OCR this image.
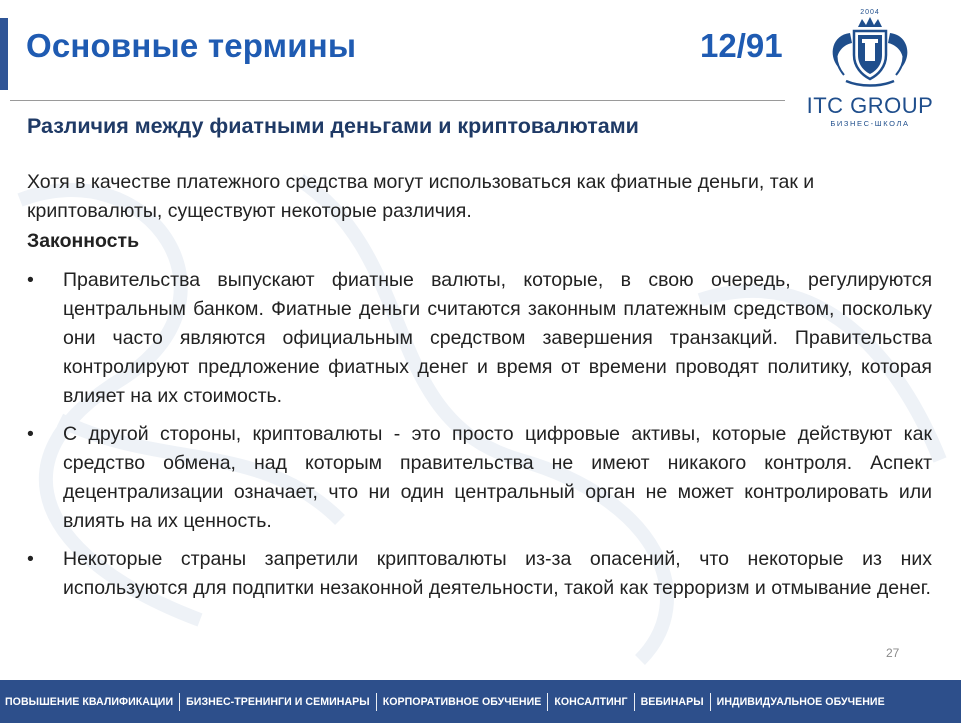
Основные термины	12/91
2004
ITC GROUP
БИЗНЕС-ШКОЛА
Различия между фиатными деньгами и криптовалютами
Хотя в качестве платежного средства могут использоваться как фиатные деньги, так и криптовалюты, существуют некоторые различия.
Законность
• Правительства выпускают фиатные валюты, которые, в свою очередь, регулируются центральным банком. Фиатные деньги считаются законным платежным средством, поскольку они часто являются официальным средством завершения транзакций. Правительства контролируют предложение фиатных денег и время от времени проводят политику, которая влияет на их стоимость.
• С другой стороны, криптовалюты - это просто цифровые активы, которые действуют как средство обмена, над которым правительства не имеют никакого контроля. Аспект децентрализации означает, что ни один центральный орган не может контролировать или влиять на их ценность.
• Некоторые страны запретили криптовалюты из-за опасений, что некоторые из них используются для подпитки незаконной деятельности, такой как терроризм и отмывание денег.
27
ПОВЫШЕНИЕ КВАЛИФИКАЦИИ БИЗНЕС-ТРЕНИНГИ И СЕМИНАРЫ КОРПОРАТИВНОЕ ОБУЧЕНИЕ КОНСАЛТИНГ ВЕБИНАРЫ ИНДИВИДУАЛЬНОЕ ОБУЧЕНИЕ
